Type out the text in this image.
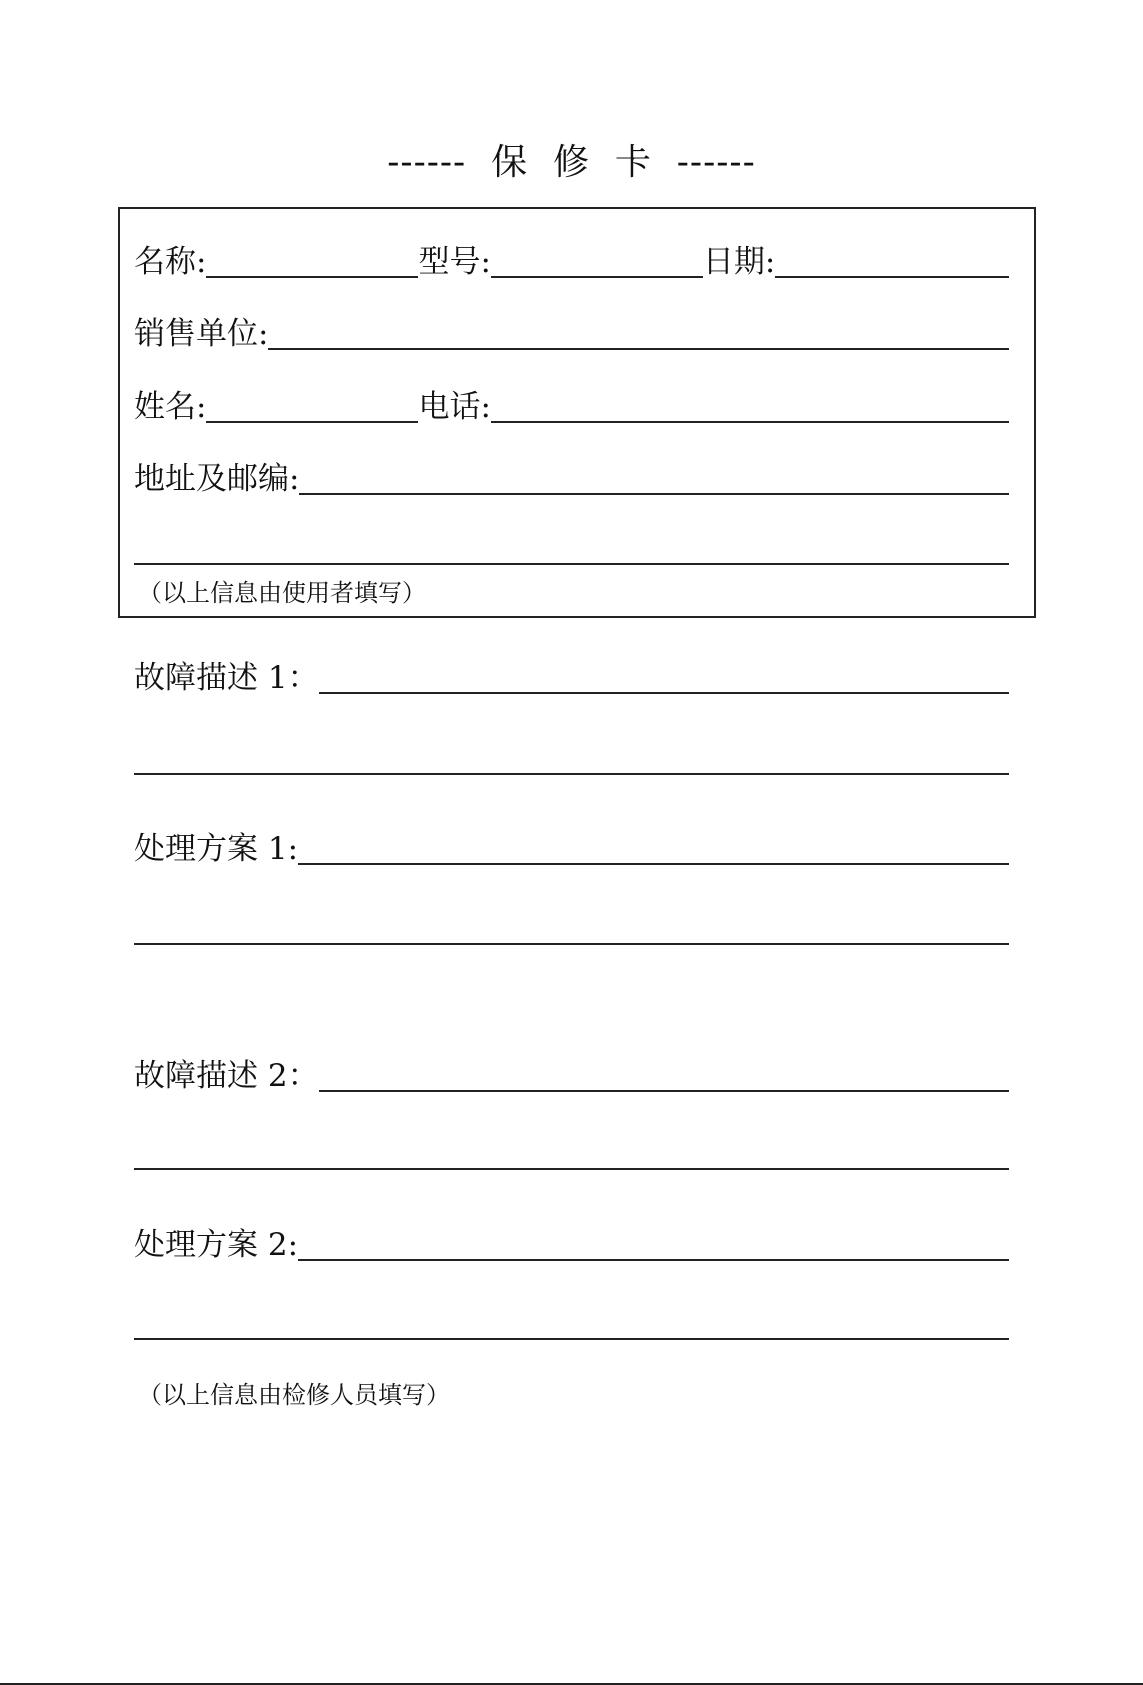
------  保  修  卡  ------
名称:	型号:	日期:
销售单位:
姓名:	电话:
地址及邮编:
（以上信息由使用者填写）
故障描述 1：
处理方案 1:
故障描述 2：
处理方案 2:
（以上信息由检修人员填写）
